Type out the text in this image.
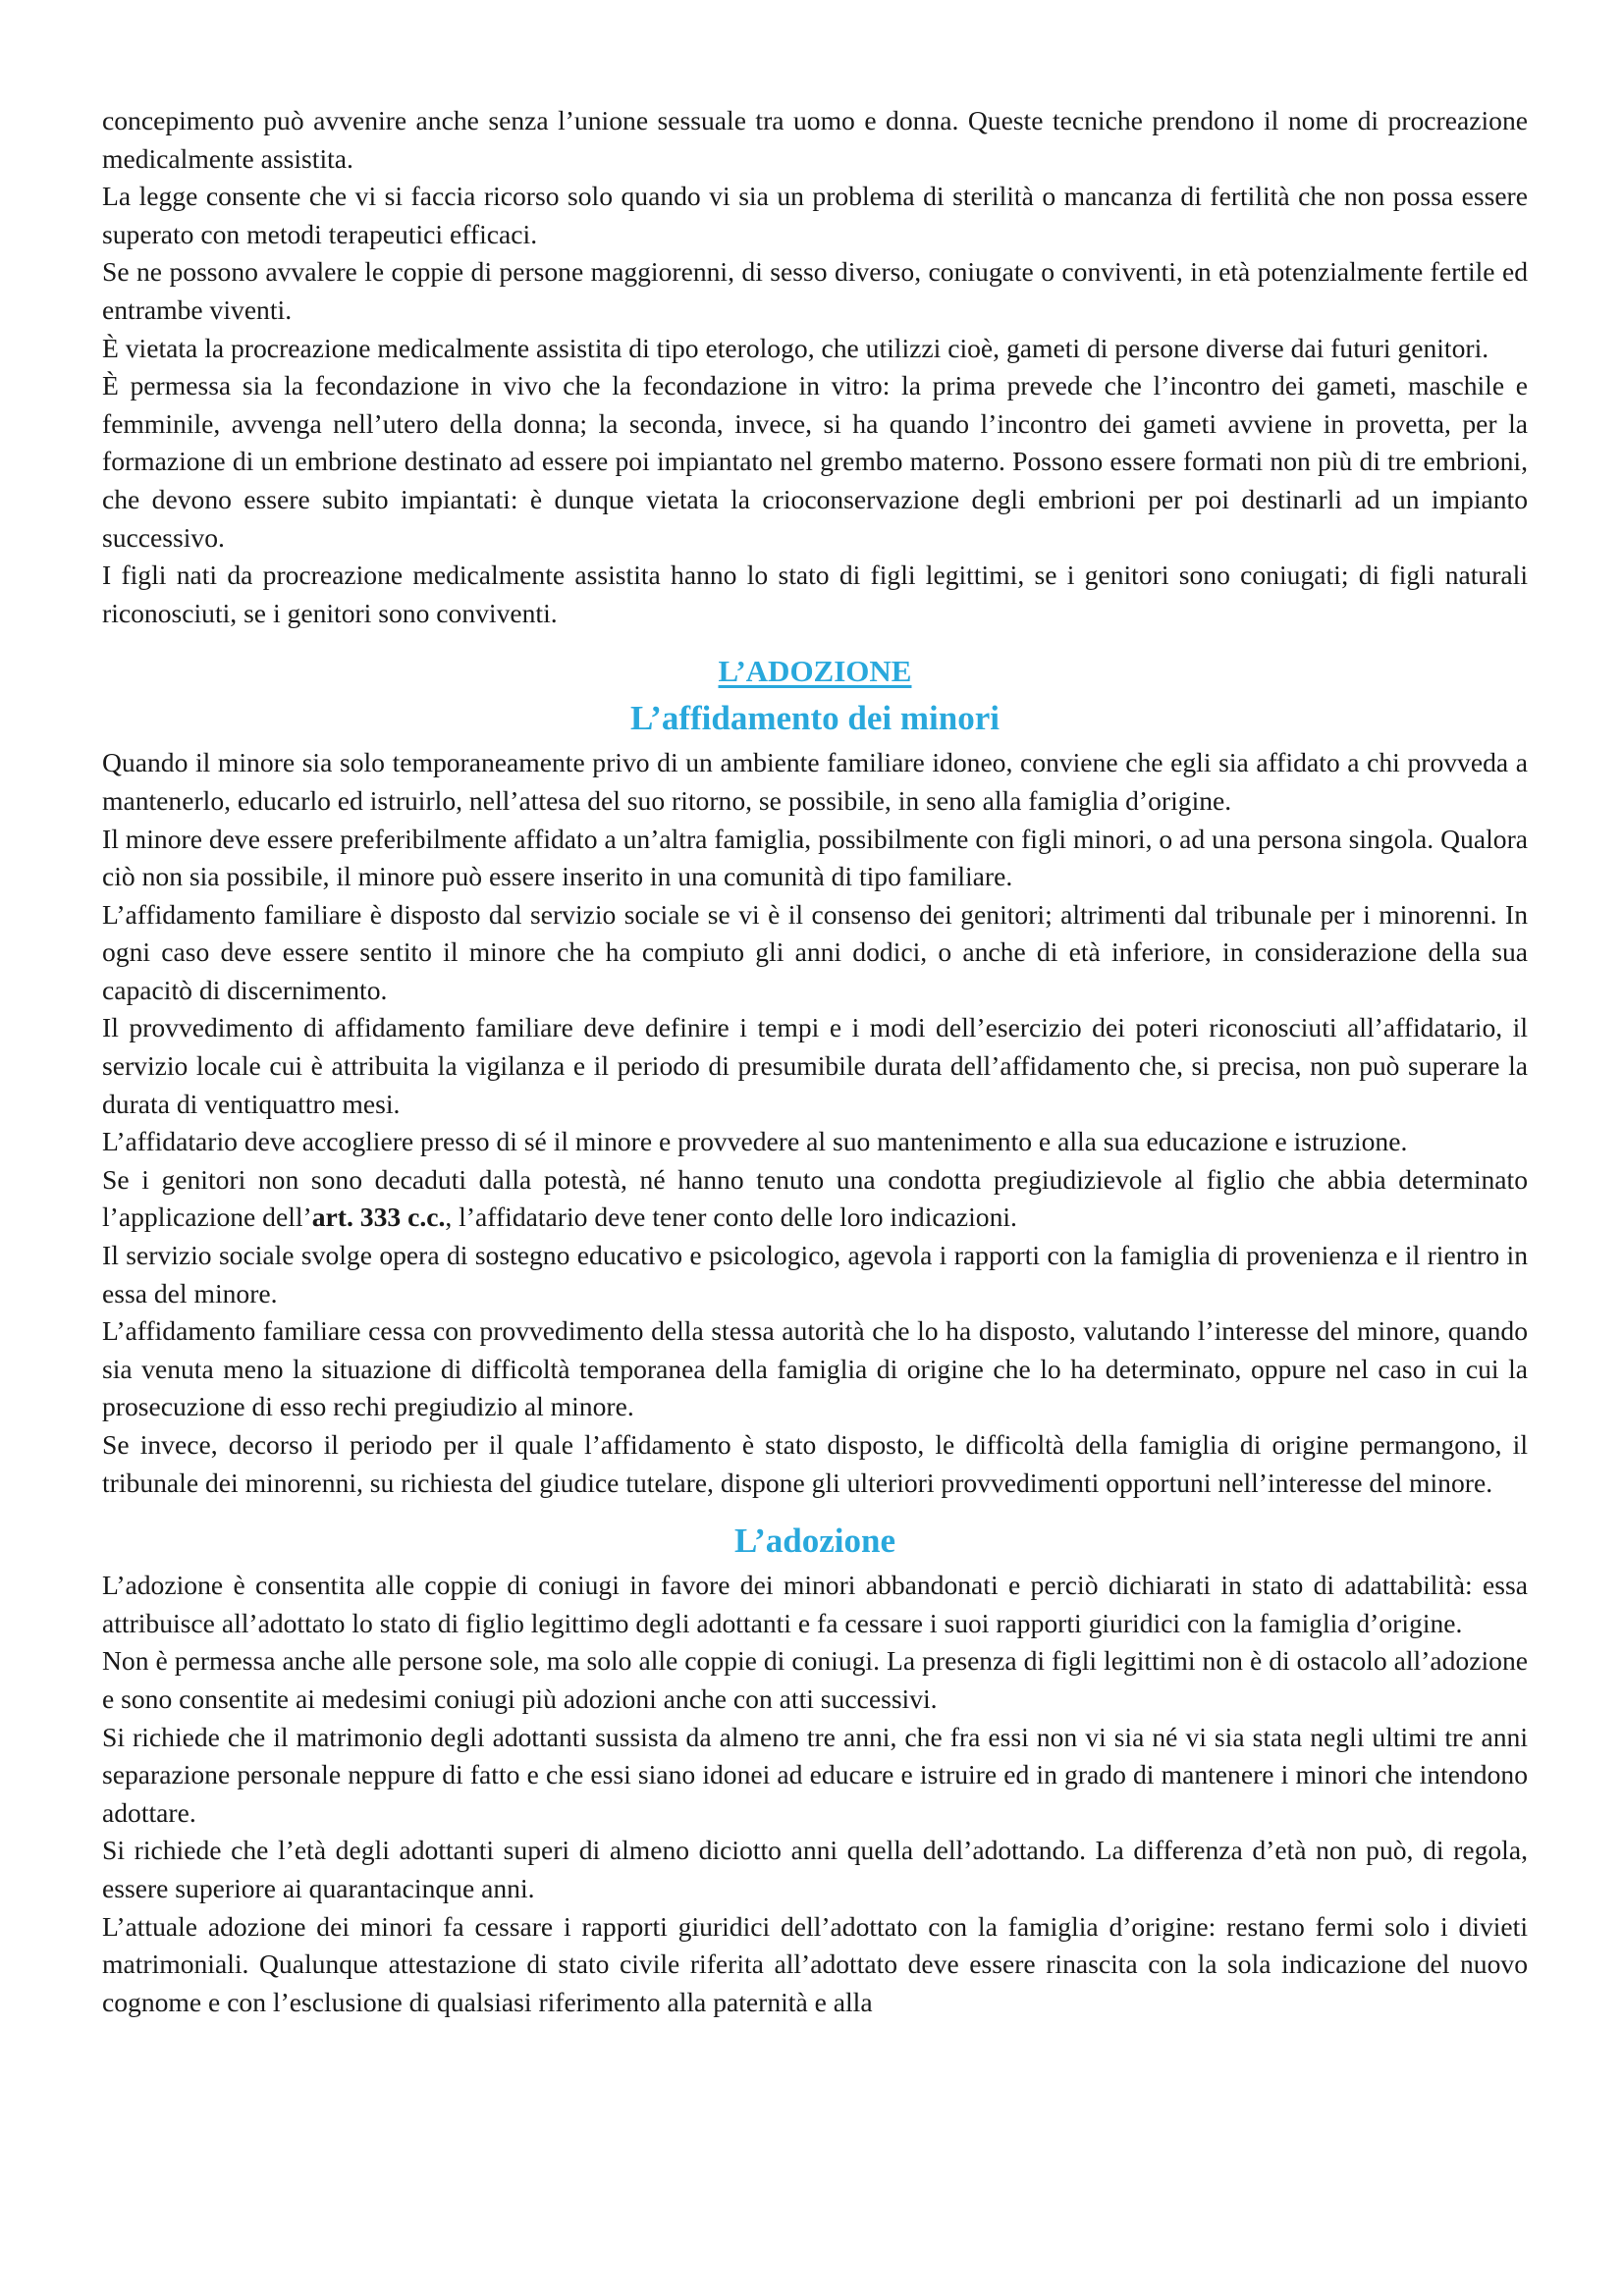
concepimento può avvenire anche senza l’unione sessuale tra uomo e donna. Queste tecniche prendono il nome di procreazione medicalmente assistita.

La legge consente che vi si faccia ricorso solo quando vi sia un problema di sterilità o mancanza di fertilità che non possa essere superato con metodi terapeutici efficaci.

Se ne possono avvalere le coppie di persone maggiorenni, di sesso diverso, coniugate o conviventi, in età potenzialmente fertile ed entrambe viventi.

È vietata la procreazione medicalmente assistita di tipo eterologo, che utilizzi cioè, gameti di persone diverse dai futuri genitori.

È permessa sia la fecondazione in vivo che la fecondazione in vitro: la prima prevede che l’incontro dei gameti, maschile e femminile, avvenga nell’utero della donna; la seconda, invece, si ha quando l’incontro dei gameti avviene in provetta, per la formazione di un embrione destinato ad essere poi impiantato nel grembo materno. Possono essere formati non più di tre embrioni, che devono essere subito impiantati: è dunque vietata la crioconservazione degli embrioni per poi destinarli ad un impianto successivo.

I figli nati da procreazione medicalmente assistita hanno lo stato di figli legittimi, se i genitori sono coniugati; di figli naturali riconosciuti, se i genitori sono conviventi.

L’ADOZIONE
L’affidamento dei minori

Quando il minore sia solo temporaneamente privo di un ambiente familiare idoneo, conviene che egli sia affidato a chi provveda a mantenerlo, educarlo ed istruirlo, nell’attesa del suo ritorno, se possibile, in seno alla famiglia d’origine.

Il minore deve essere preferibilmente affidato a un’altra famiglia, possibilmente con figli minori, o ad una persona singola. Qualora ciò non sia possibile, il minore può essere inserito in una comunità di tipo familiare.

L’affidamento familiare è disposto dal servizio sociale se vi è il consenso dei genitori; altrimenti dal tribunale per i minorenni. In ogni caso deve essere sentito il minore che ha compiuto gli anni dodici, o anche di età inferiore, in considerazione della sua capacitò di discernimento.

Il provvedimento di affidamento familiare deve definire i tempi e i modi dell’esercizio dei poteri riconosciuti all’affidatario, il servizio locale cui è attribuita la vigilanza e il periodo di presumibile durata dell’affidamento che, si precisa, non può superare la durata di ventiquattro mesi.

L’affidatario deve accogliere presso di sé il minore e provvedere al suo mantenimento e alla sua educazione e istruzione.

Se i genitori non sono decaduti dalla potestà, né hanno tenuto una condotta pregiudizievole al figlio che abbia determinato l’applicazione dell’art. 333 c.c., l’affidatario deve tener conto delle loro indicazioni.

Il servizio sociale svolge opera di sostegno educativo e psicologico, agevola i rapporti con la famiglia di provenienza e il rientro in essa del minore.

L’affidamento familiare cessa con provvedimento della stessa autorità che lo ha disposto, valutando l’interesse del minore, quando sia venuta meno la situazione di difficoltà temporanea della famiglia di origine che lo ha determinato, oppure nel caso in cui la prosecuzione di esso rechi pregiudizio al minore.

Se invece, decorso il periodo per il quale l’affidamento è stato disposto, le difficoltà della famiglia di origine permangono, il tribunale dei minorenni, su richiesta del giudice tutelare, dispone gli ulteriori provvedimenti opportuni nell’interesse del minore.

L’adozione

L’adozione è consentita alle coppie di coniugi in favore dei minori abbandonati e perciò dichiarati in stato di adattabilità: essa attribuisce all’adottato lo stato di figlio legittimo degli adottanti e fa cessare i suoi rapporti giuridici con la famiglia d’origine.

Non è permessa anche alle persone sole, ma solo alle coppie di coniugi. La presenza di figli legittimi non è di ostacolo all’adozione e sono consentite ai medesimi coniugi più adozioni anche con atti successivi.

Si richiede che il matrimonio degli adottanti sussista da almeno tre anni, che fra essi non vi sia né vi sia stata negli ultimi tre anni separazione personale neppure di fatto e che essi siano idonei ad educare e istruire ed in grado di mantenere i minori che intendono adottare.

Si richiede che l’età degli adottanti superi di almeno diciotto anni quella dell’adottando. La differenza d’età non può, di regola, essere superiore ai quarantacinque anni.

L’attuale adozione dei minori fa cessare i rapporti giuridici dell’adottato con la famiglia d’origine: restano fermi solo i divieti matrimoniali. Qualunque attestazione di stato civile riferita all’adottato deve essere rinascita con la sola indicazione del nuovo cognome e con l’esclusione di qualsiasi riferimento alla paternità e alla
